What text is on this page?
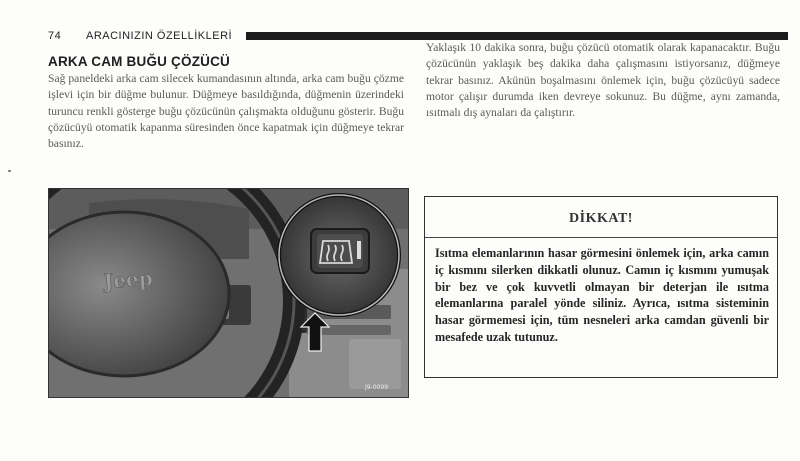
74 ARACINIZIN ÖZELLİKLERİ
ARKA CAM BUĞU ÇÖZÜCÜ

Sağ paneldeki arka cam silecek kumandasının altında, arka cam buğu çözme işlevi için bir düğme bulunur. Düğmeye basıldığında, düğmenin üzerindeki turuncu renkli gösterge buğu çözücünün çalışmakta olduğunu gösterir. Buğu çözücüyü otomatik kapanma süresinden önce kapatmak için düğmeye tekrar basınız.

Yaklaşık 10 dakika sonra, buğu çözücü otomatik olarak kapanacaktır. Buğu çözücünün yaklaşık beş dakika daha çalışmasını istiyorsanız, düğmeye tekrar basınız. Akünün boşalmasını önlemek için, buğu çözücüyü sadece motor çalışır durumda iken devreye sokunuz. Bu düğme, aynı zamanda, ısıtmalı dış aynaları da çalıştırır.

Jeep
J9-0099
DİKKAT!
Isıtma elemanlarının hasar görmesini önlemek için, arka camın iç kısmını silerken dikkatli olunuz. Camın iç kısmını yumuşak bir bez ve çok kuvvetli olmayan bir deterjan ile ısıtma elemanlarına paralel yönde siliniz. Ayrıca, ısıtma sisteminin hasar görmemesi için, tüm nesneleri arka camdan güvenli bir mesafede uzak tutunuz.
